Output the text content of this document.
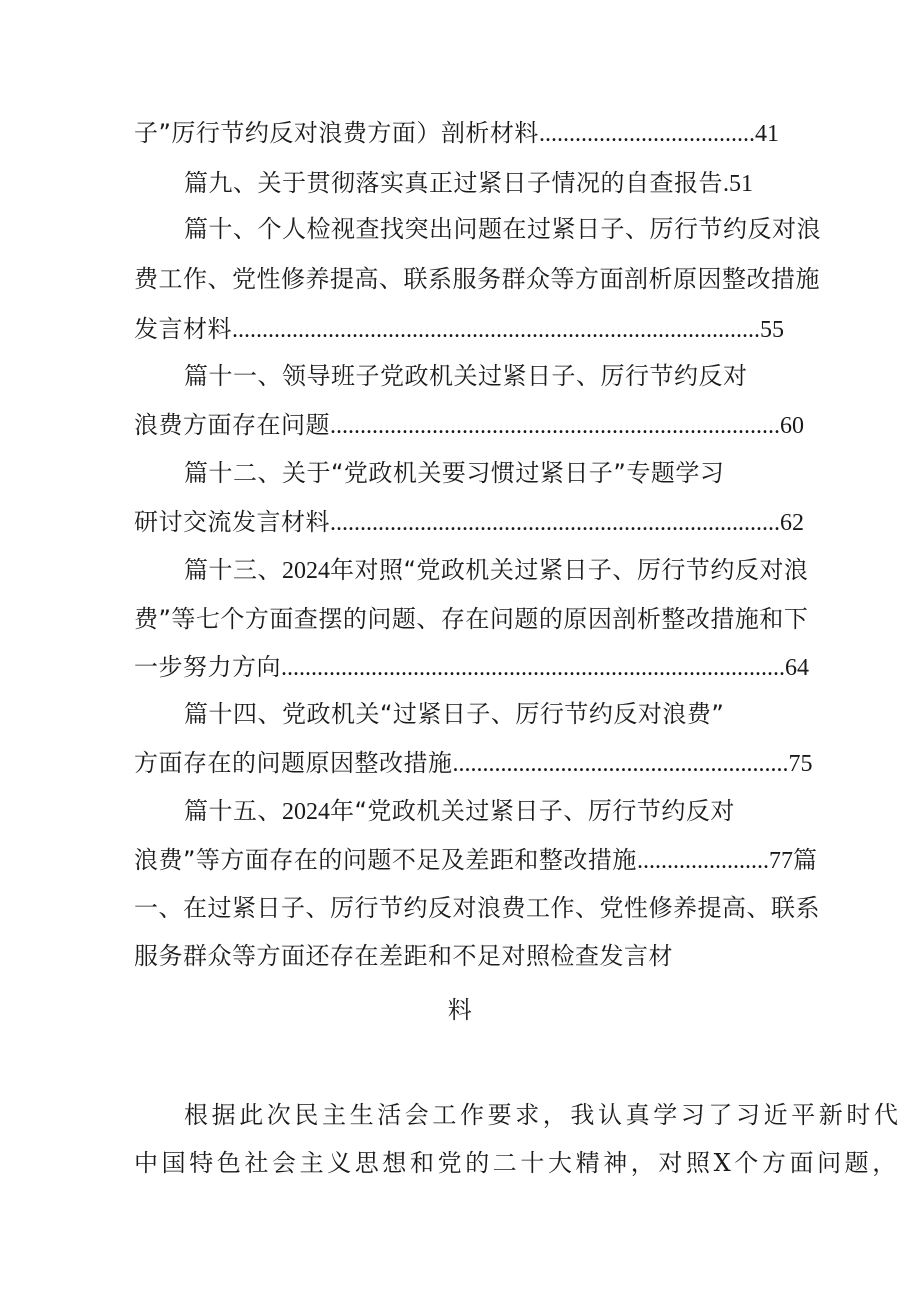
子”厉行节约反对浪费方面）剖析材料....................................41
篇九、关于贯彻落实真正过紧日子情况的自查报告.51
篇十、个人检视查找突出问题在过紧日子、厉行节约反对浪
费工作、党性修养提高、联系服务群众等方面剖析原因整改措施
发言材料........................................................................................55
篇十一、领导班子党政机关过紧日子、厉行节约反对
浪费方面存在问题...........................................................................60
篇十二、关于“党政机关要习惯过紧日子”专题学习
研讨交流发言材料...........................................................................62
篇十三、2024年对照“党政机关过紧日子、厉行节约反对浪
费”等七个方面查摆的问题、存在问题的原因剖析整改措施和下
一步努力方向....................................................................................64
篇十四、党政机关“过紧日子、厉行节约反对浪费”
方面存在的问题原因整改措施........................................................75
篇十五、2024年“党政机关过紧日子、厉行节约反对
浪费”等方面存在的问题不足及差距和整改措施......................77篇
一、在过紧日子、厉行节约反对浪费工作、党性修养提高、联系
服务群众等方面还存在差距和不足对照检查发言材
料
根据此次民主生活会工作要求，我认真学习了习近平新时代
中国特色社会主义思想和党的二十大精神，对照X个方面问题，
